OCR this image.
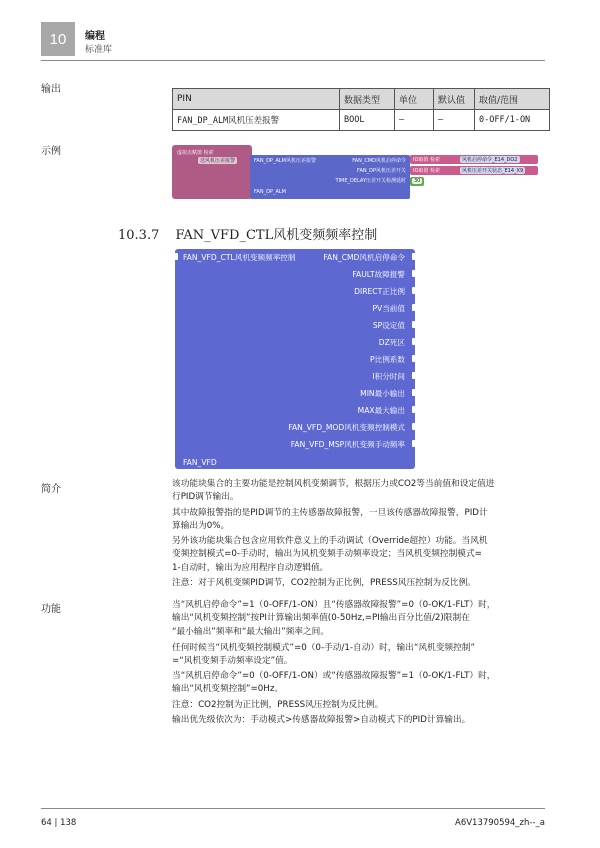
10 编程
标准库
输出
PIN	数据类型	单位	默认值	取值/范围
FAN_DP_ALM风机压差报警	BOOL	–	–	0-OFF/1-ON
示例	虚拟点赋值 检索
送风机压差报警	FAN_DP_ALM风机压差报警	FAN_CMD风机启停命令
FAN_DP风机压差开关
TIME_DELAY压差开关检测延时
FAN_DP_ALM
IO取值 检索	风机启停命令_E14_DO2
IO取值 检索	风机压差开关状态_E14_X9
30
10.3.7 FAN_VFD_CTL风机变频频率控制
FAN_VFD_CTL风机变频频率控制
FAN_VFD
FAN_CMD风机启停命令
FAULT故障报警
DIRECT正比例
PV当前值
SP设定值
DZ死区
P比例系数
I积分时间
MIN最小输出
MAX最大输出
FAN_VFD_MOD风机变频控制模式
FAN_VFD_MSP风机变频手动频率
简介	该功能块集合的主要功能是控制风机变频调节，根据压力或CO2等当前值和设定值进
行PID调节输出。
其中故障报警指的是PID调节的主传感器故障报警，一旦该传感器故障报警，PID计
算输出为0%。
另外该功能块集合包含应用软件意义上的手动调试（Override超控）功能。当风机
变频控制模式=0-手动时，输出为风机变频手动频率设定；当风机变频控制模式=
1-自动时，输出为应用程序自动逻辑值。
注意：对于风机变频PID调节，CO2控制为正比例，PRESS风压控制为反比例。
功能	当“风机启停命令”=1（0-OFF/1-ON）且“传感器故障报警”=0（0-OK/1-FLT）时，
输出“风机变频控制”按PI计算输出频率值(0-50Hz,=PI输出百分比值/2)限制在
“最小输出”频率和“最大输出”频率之间。
任何时候当“风机变频控制模式”=0（0-手动/1-自动）时，输出“风机变频控制”
=“风机变频手动频率设定”值。
当“风机启停命令”=0（0-OFF/1-ON）或“传感器故障报警”=1（0-OK/1-FLT）时，
输出“风机变频控制”=0Hz。
注意：CO2控制为正比例，PRESS风压控制为反比例。
输出优先级依次为：手动模式>传感器故障报警>自动模式下的PID计算输出。
64 | 138	A6V13790594_zh--_a
